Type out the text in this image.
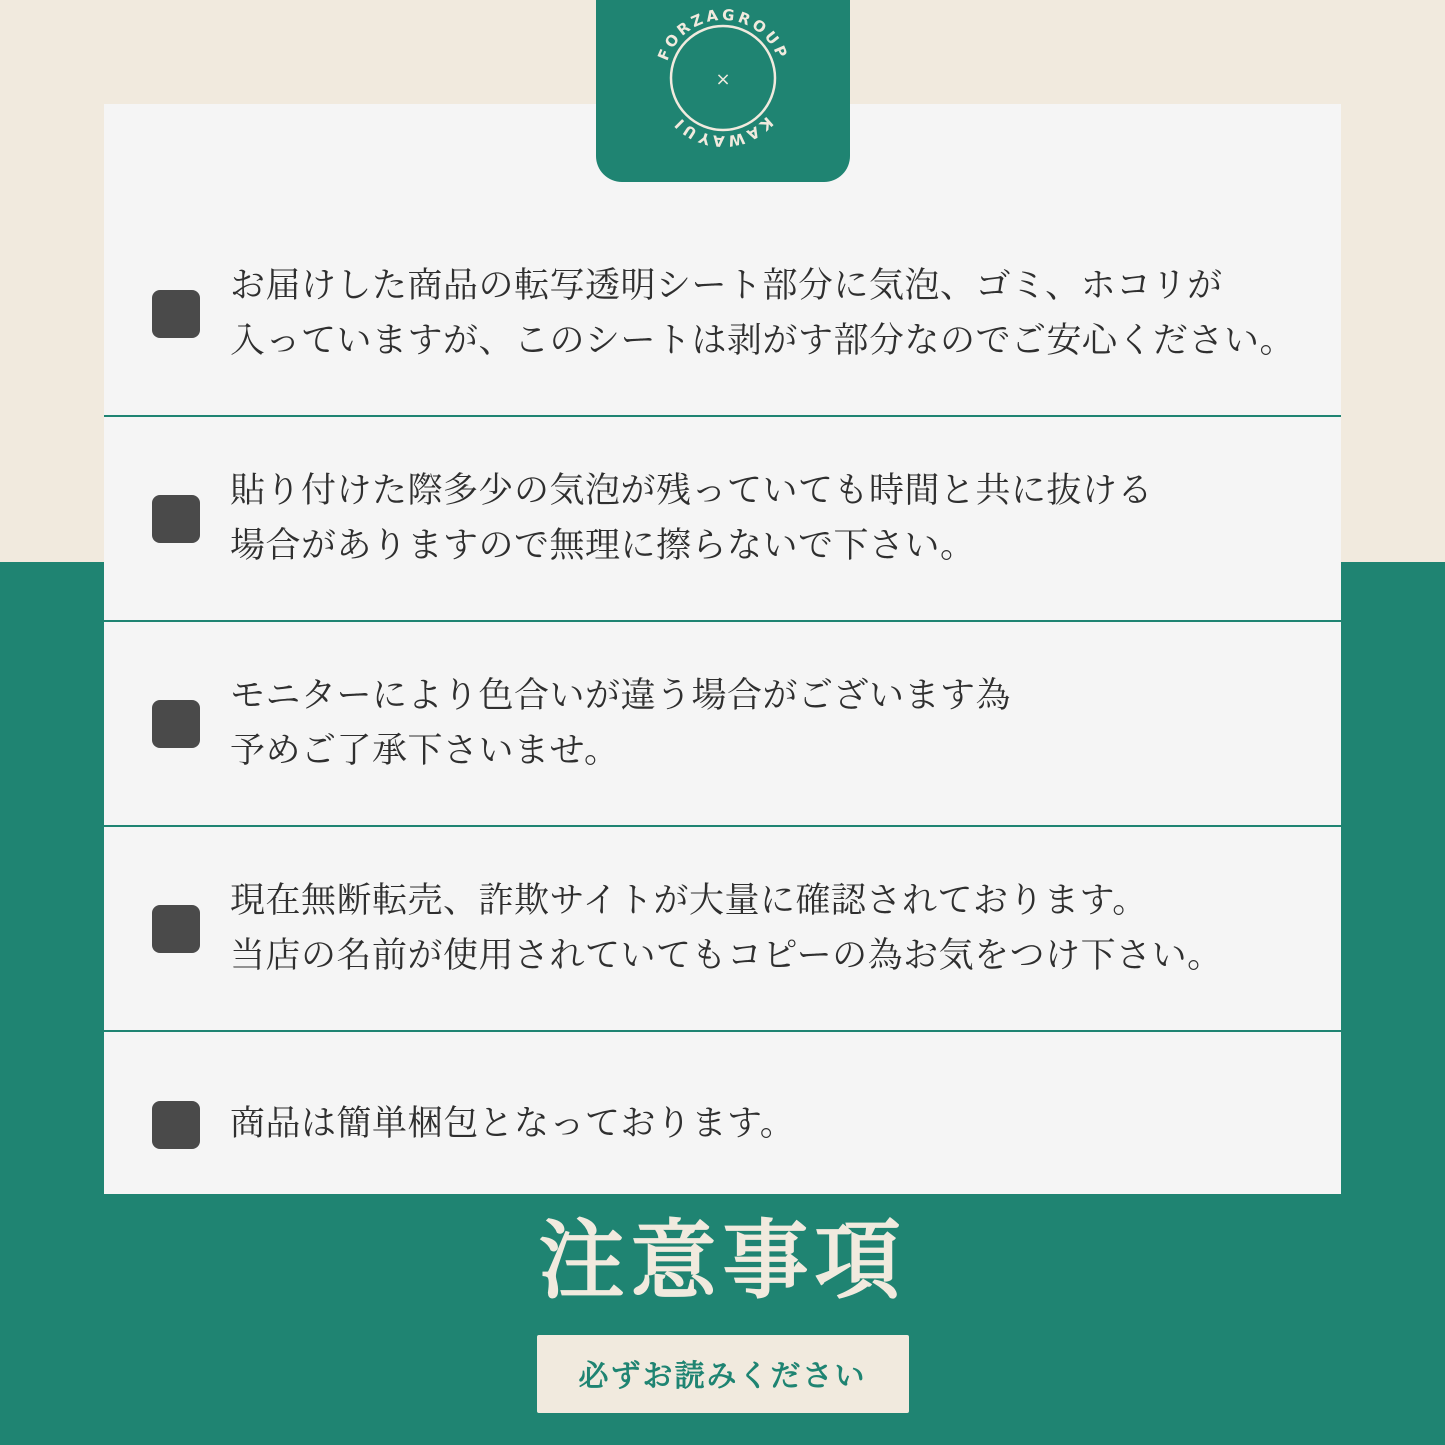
FORZAGROUP
KAWAYUI
×
お届けした商品の転写透明シート部分に気泡、ゴミ、ホコリが
入っていますが、このシートは剥がす部分なのでご安心ください。
貼り付けた際多少の気泡が残っていても時間と共に抜ける
場合がありますので無理に擦らないで下さい。
モニターにより色合いが違う場合がございます為
予めご了承下さいませ。
現在無断転売、詐欺サイトが大量に確認されております。
当店の名前が使用されていてもコピーの為お気をつけ下さい。
商品は簡単梱包となっております。
注意事項
必ずお読みください
